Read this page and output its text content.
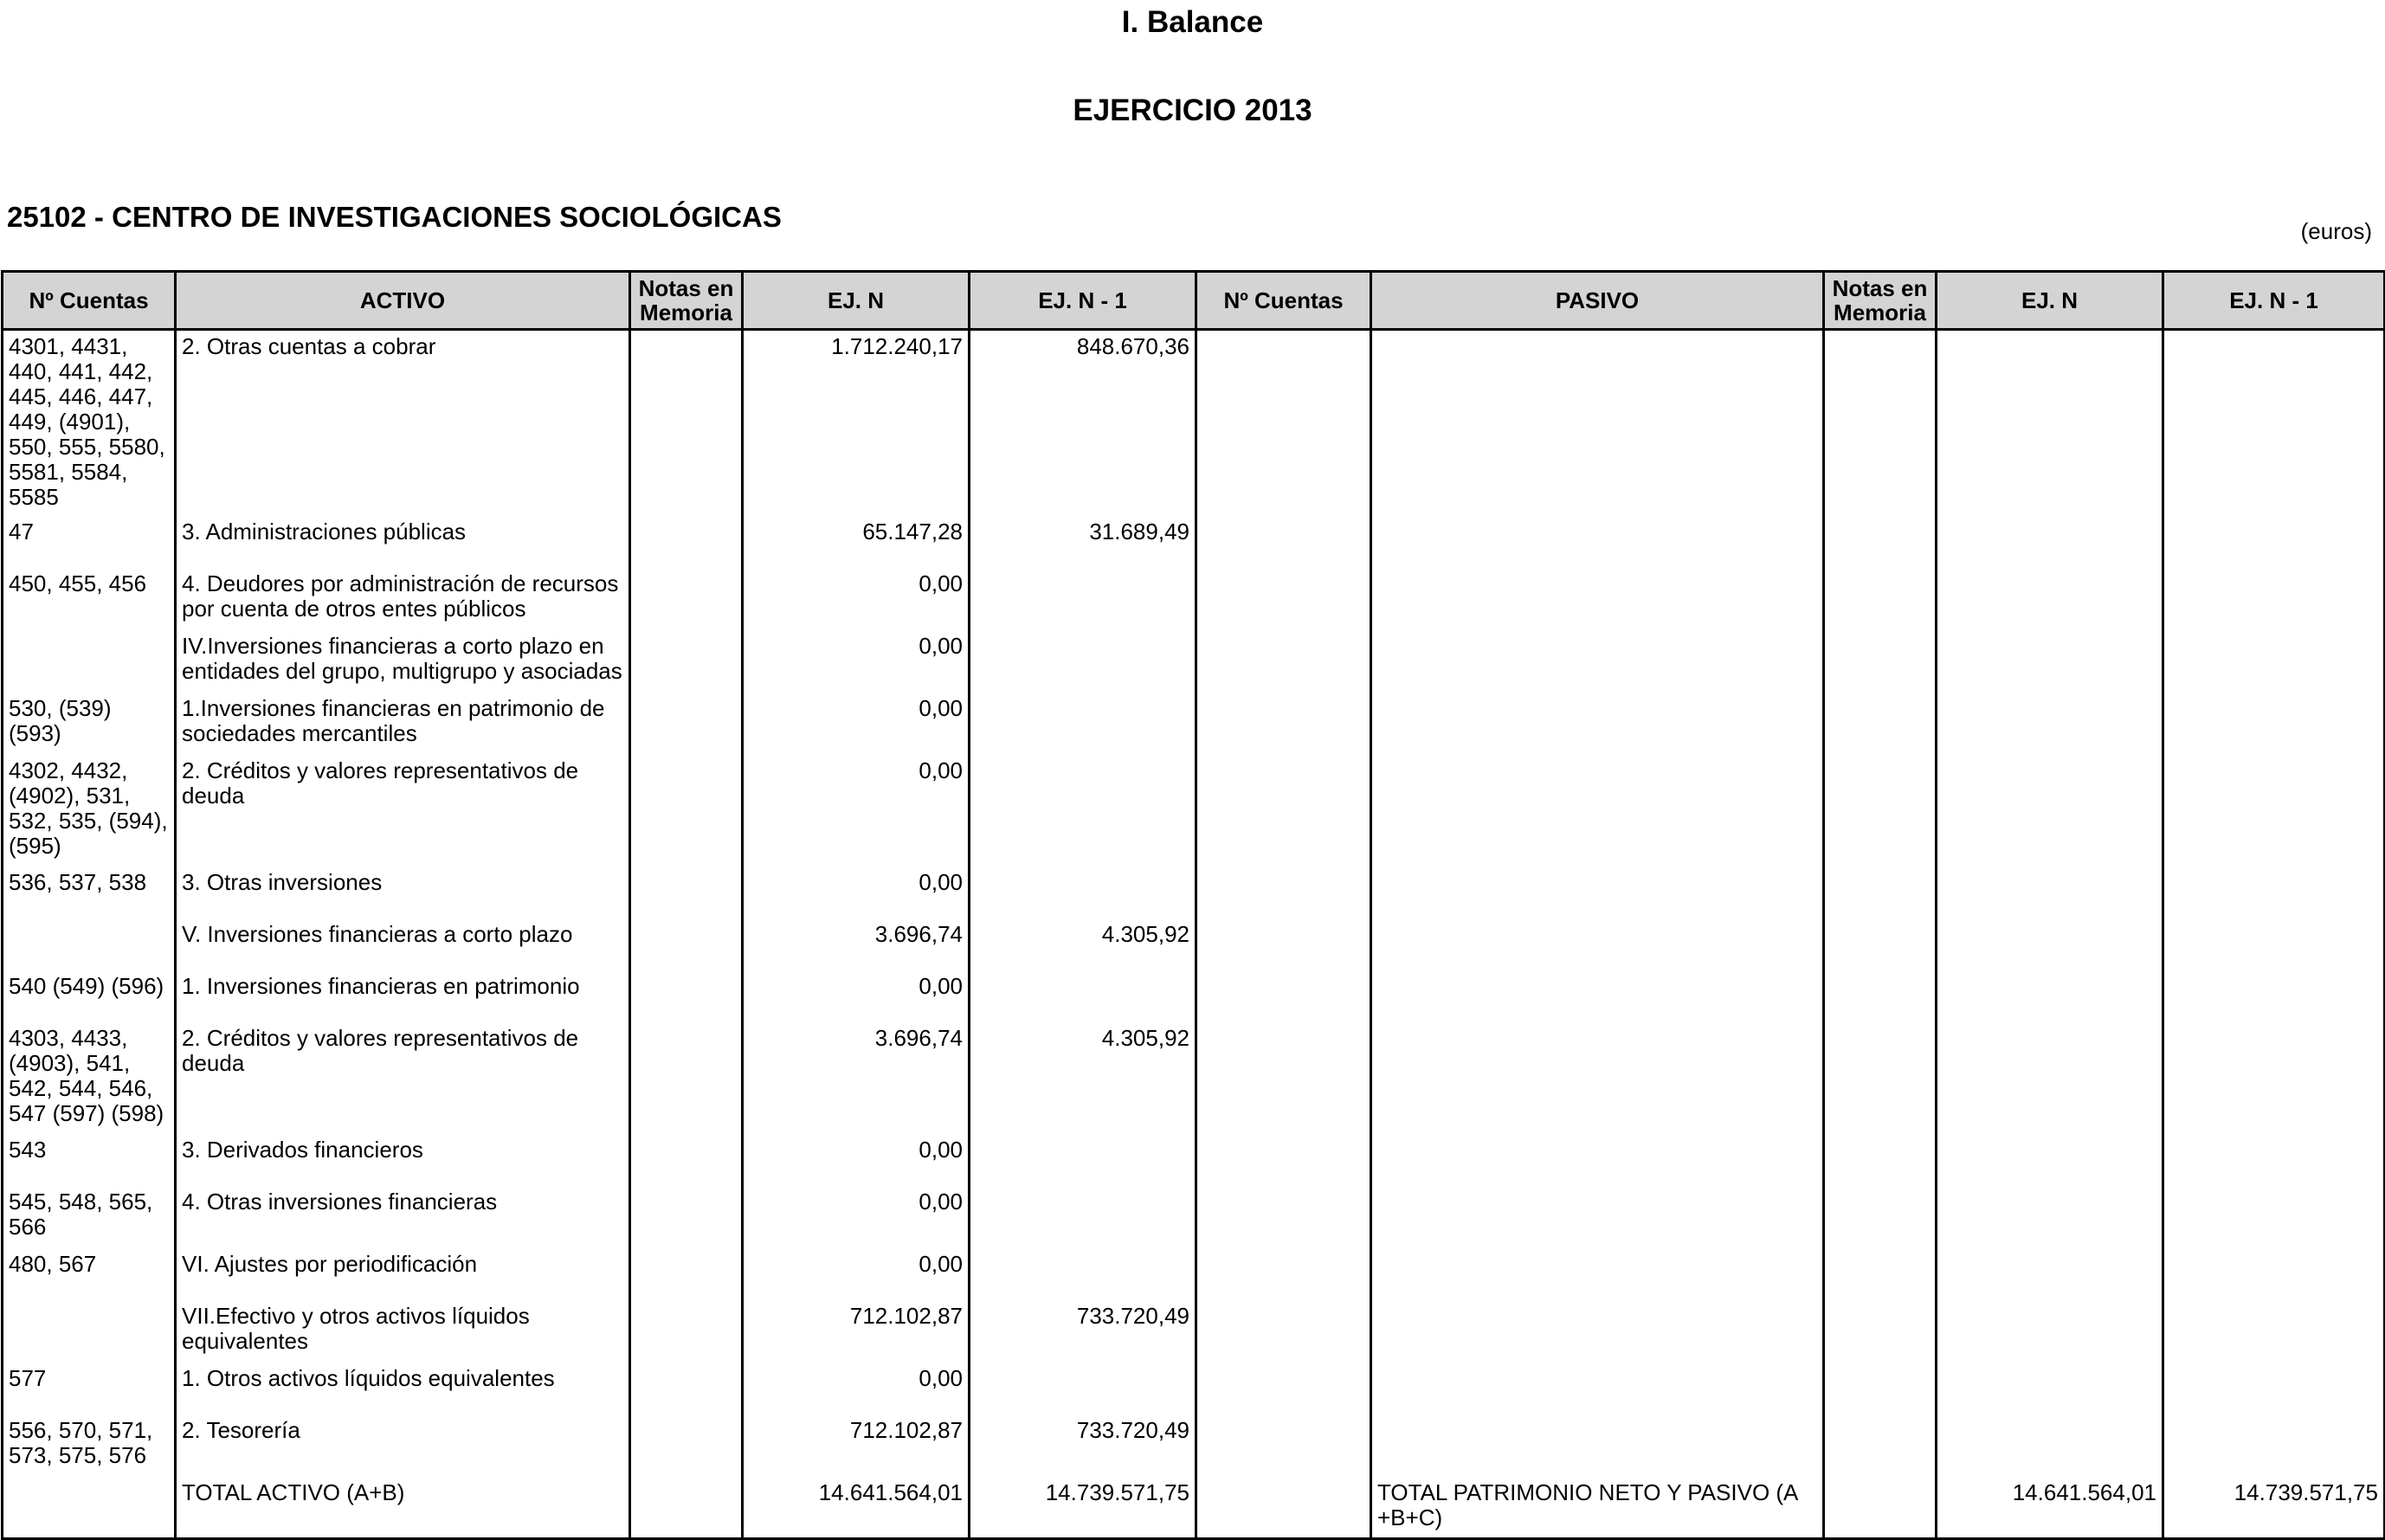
I. Balance
EJERCICIO 2013
25102 - CENTRO DE INVESTIGACIONES SOCIOLÓGICAS	(euros)
Nº Cuentas	ACTIVO	Notas en Memoria	EJ. N	EJ. N - 1	Nº Cuentas	PASIVO	Notas en Memoria	EJ. N	EJ. N - 1
4301, 4431, 440, 441, 442, 445, 446, 447, 449, (4901), 550, 555, 5580, 5581, 5584, 5585	2. Otras cuentas a cobrar		1.712.240,17	848.670,36					
47	3. Administraciones públicas		65.147,28	31.689,49					
450, 455, 456	4. Deudores por administración de recursos por cuenta de otros entes públicos		0,00						
	IV.Inversiones financieras a corto plazo en entidades del grupo, multigrupo y asociadas		0,00						
530, (539) (593)	1.Inversiones financieras en patrimonio de sociedades mercantiles		0,00						
4302, 4432, (4902), 531, 532, 535, (594), (595)	2. Créditos y valores representativos de deuda		0,00						
536, 537, 538	3. Otras inversiones		0,00						
	V. Inversiones financieras a corto plazo		3.696,74	4.305,92					
540 (549) (596)	1. Inversiones financieras en patrimonio		0,00						
4303, 4433, (4903), 541, 542, 544, 546, 547 (597) (598)	2. Créditos y valores representativos de deuda		3.696,74	4.305,92					
543	3. Derivados financieros		0,00						
545, 548, 565, 566	4. Otras inversiones financieras		0,00						
480, 567	VI. Ajustes por periodificación		0,00						
	VII.Efectivo y otros activos líquidos equivalentes		712.102,87	733.720,49					
577	1. Otros activos líquidos equivalentes		0,00						
556, 570, 571, 573, 575, 576	2. Tesorería		712.102,87	733.720,49					
	TOTAL ACTIVO (A+B)		14.641.564,01	14.739.571,75		TOTAL PATRIMONIO NETO Y PASIVO (A +B+C)		14.641.564,01	14.739.571,75
